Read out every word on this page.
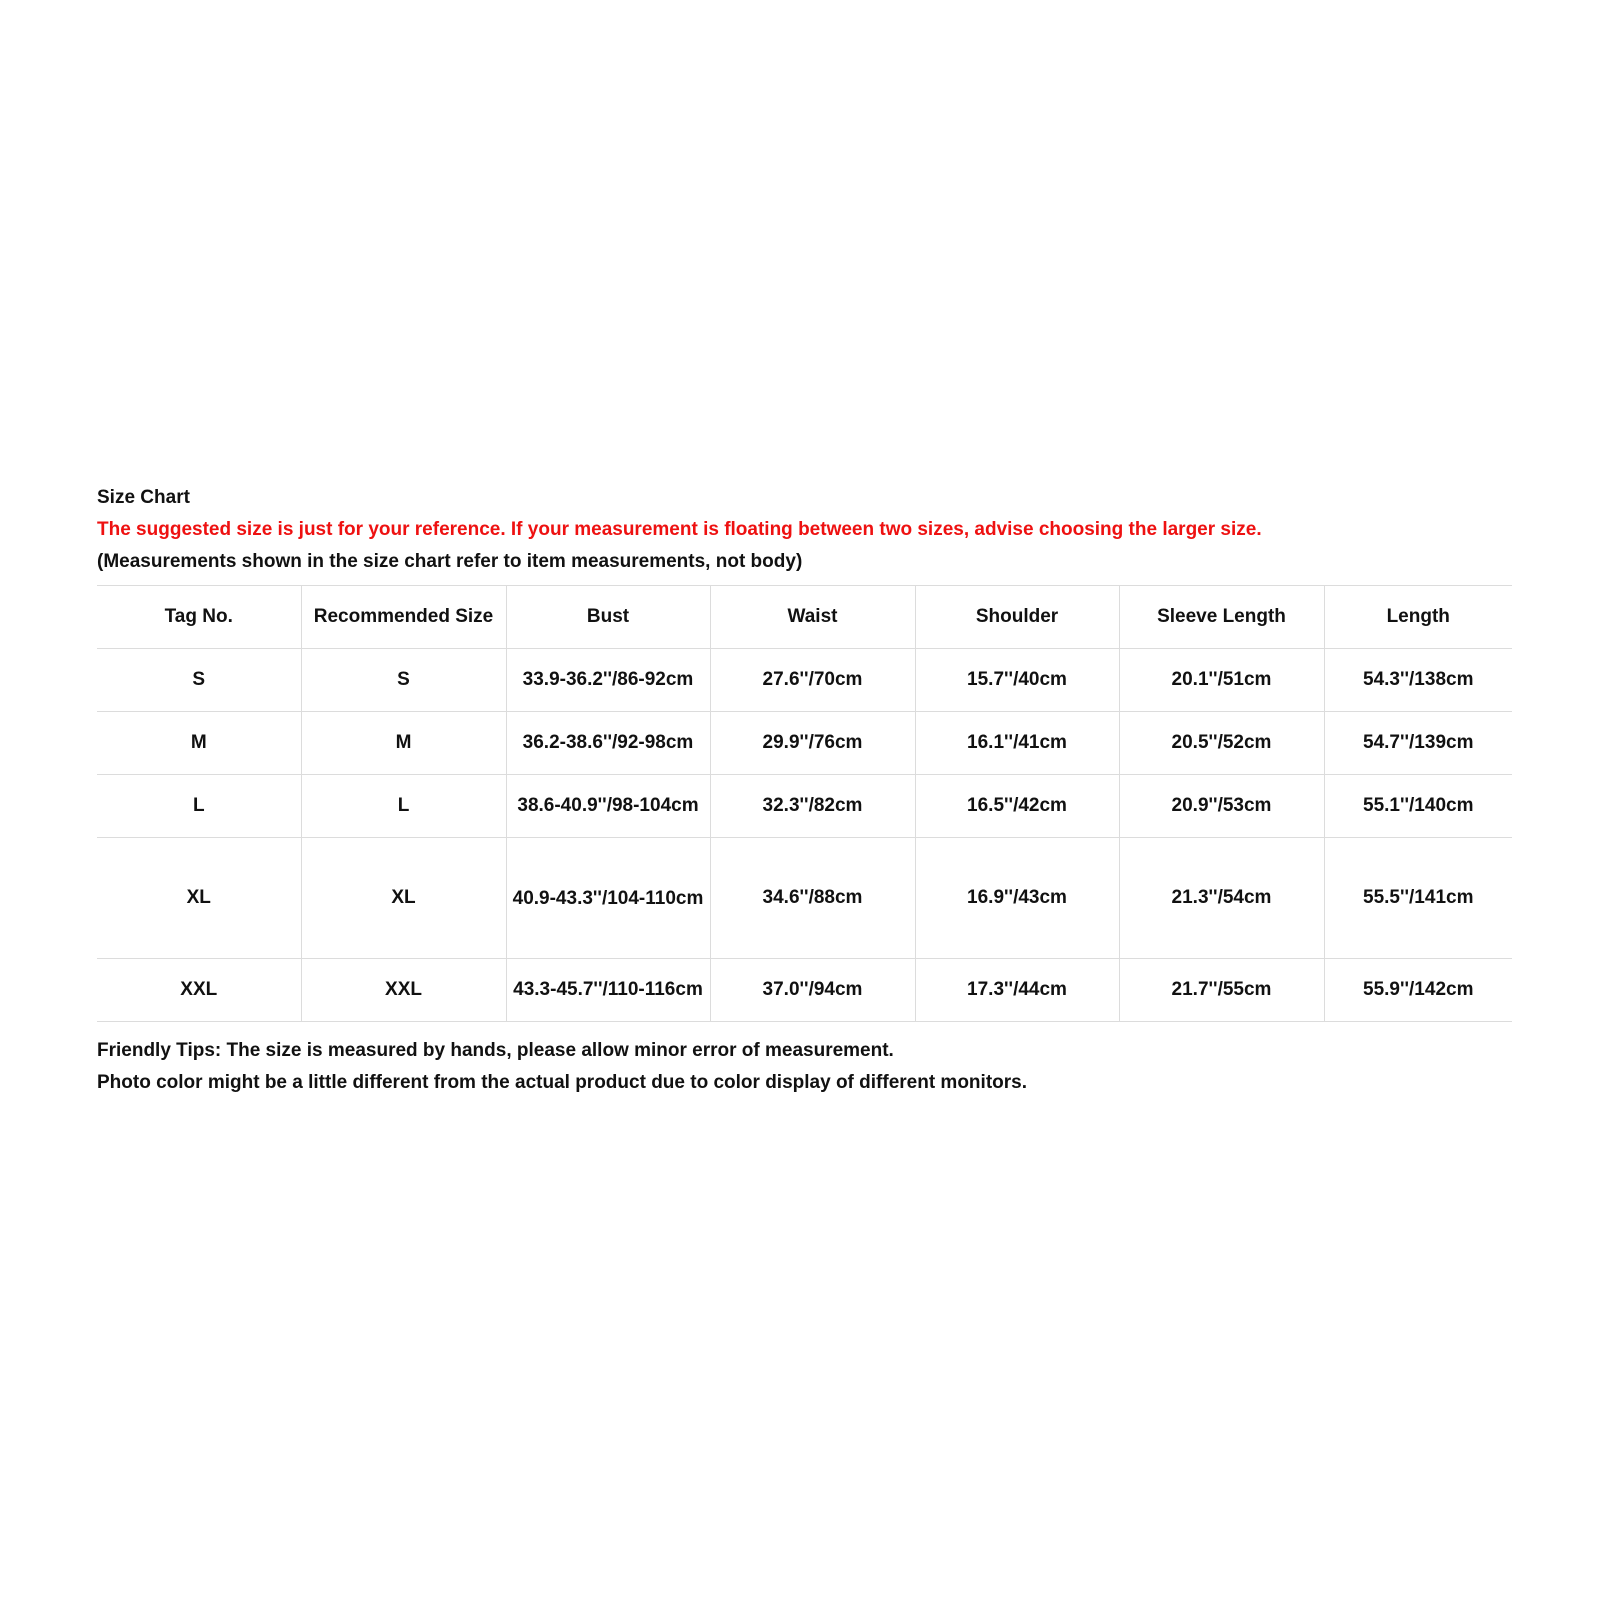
Size Chart
The suggested size is just for your reference. If your measurement is floating between two sizes, advise choosing the larger size.
(Measurements shown in the size chart refer to item measurements, not body)
Tag No.	Recommended Size	Bust	Waist	Shoulder	Sleeve Length	Length
S	S	33.9-36.2''/86-92cm	27.6''/70cm	15.7''/40cm	20.1''/51cm	54.3''/138cm
M	M	36.2-38.6''/92-98cm	29.9''/76cm	16.1''/41cm	20.5''/52cm	54.7''/139cm
L	L	38.6-40.9''/98-104cm	32.3''/82cm	16.5''/42cm	20.9''/53cm	55.1''/140cm
XL	XL	40.9-43.3''/104-110cm	34.6''/88cm	16.9''/43cm	21.3''/54cm	55.5''/141cm
XXL	XXL	43.3-45.7''/110-116cm	37.0''/94cm	17.3''/44cm	21.7''/55cm	55.9''/142cm

Friendly Tips: The size is measured by hands, please allow minor error of measurement.

Photo color might be a little different from the actual product due to color display of different monitors.
